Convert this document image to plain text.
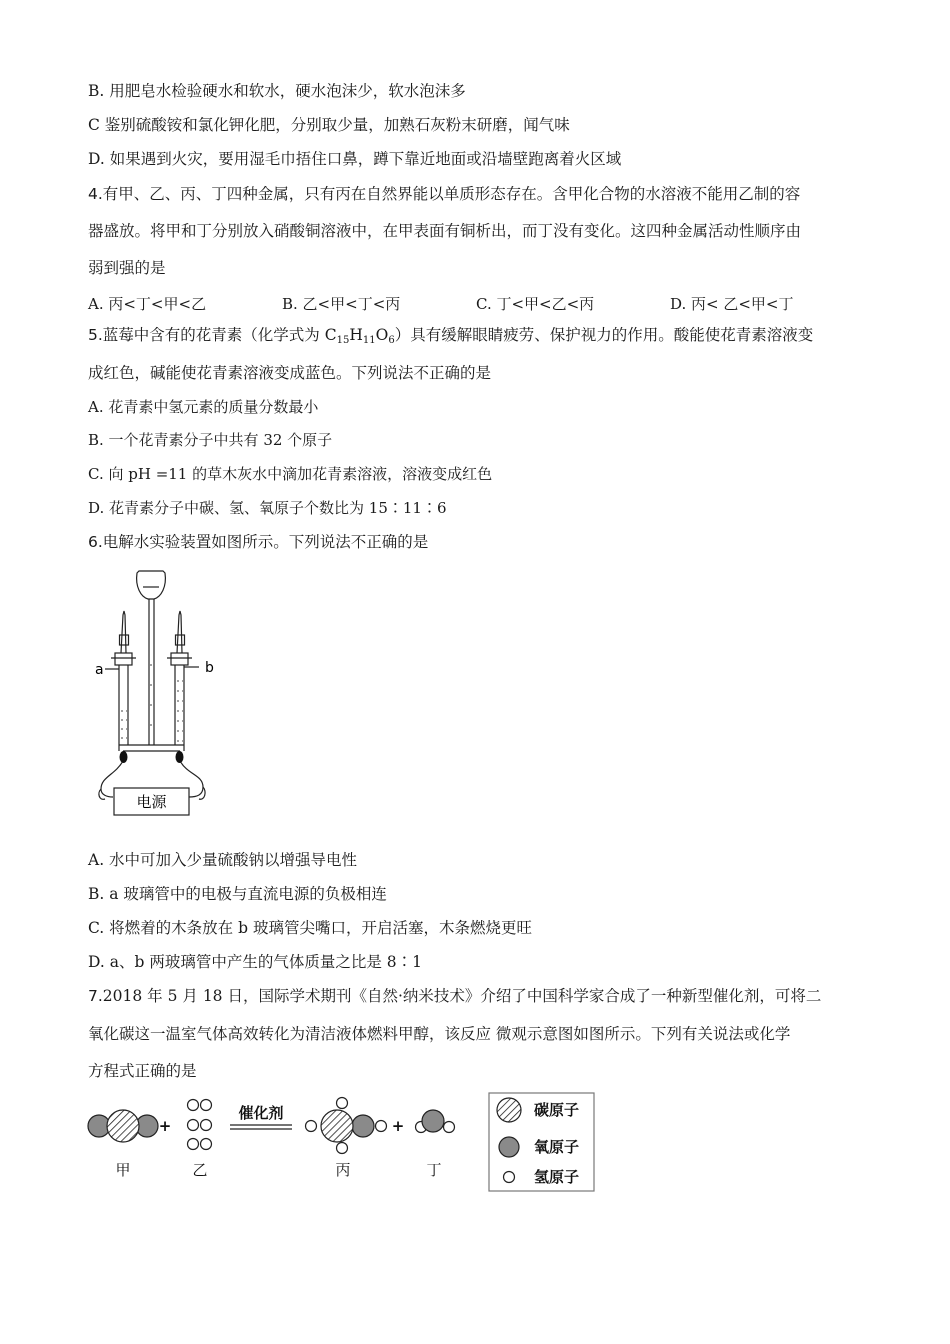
B. 用肥皂水检验硬水和软水，硬水泡沫少，软水泡沫多
C 鉴别硫酸铵和氯化钾化肥，分别取少量，加熟石灰粉末研磨，闻气味
D. 如果遇到火灾，要用湿毛巾捂住口鼻，蹲下靠近地面或沿墙壁跑离着火区域
4.有甲、乙、丙、丁四种金属，只有丙在自然界能以单质形态存在。含甲化合物的水溶液不能用乙制的容
器盛放。将甲和丁分别放入硝酸铜溶液中，在甲表面有铜析出，而丁没有变化。这四种金属活动性顺序由
弱到强的是
A. 丙<丁<甲<乙	B. 乙<甲<丁<丙	C. 丁<甲<乙<丙	D. 丙< 乙<甲<丁
5.蓝莓中含有的花青素（化学式为 $C_{15}H_{11}O_6$）具有缓解眼睛疲劳、保护视力的作用。酸能使花青素溶液变
成红色，碱能使花青素溶液变成蓝色。下列说法不正确的是
A. 花青素中氢元素的质量分数最小
B. 一个花青素分子中共有 32 个原子
C. 向 pH =11 的草木灰水中滴加花青素溶液，溶液变成红色
D. 花青素分子中碳、氢、氧原子个数比为 15∶11∶6
6.电解水实验装置如图所示。下列说法不正确的是
a	b
电源
A. 水中可加入少量硫酸钠以增强导电性
B. a 玻璃管中的电极与直流电源的负极相连
C. 将燃着的木条放在 b 玻璃管尖嘴口，开启活塞，木条燃烧更旺
D. a、b 两玻璃管中产生的气体质量之比是 8∶1
7.2018 年 5 月 18 日，国际学术期刊《自然·纳米技术》介绍了中国科学家合成了一种新型催化剂，可将二
氧化碳这一温室气体高效转化为清洁液体燃料甲醇，该反应 微观示意图如图所示。下列有关说法或化学
方程式正确的是
+
催化剂
+
甲	乙	丙	丁
碳原子
氧原子
氢原子
